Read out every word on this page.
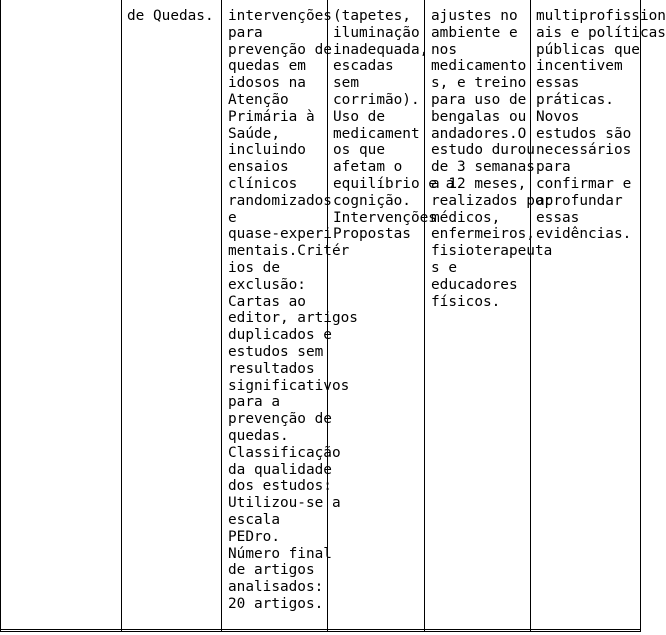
de Quedas. intervenções
para
prevenção de
quedas em
idosos na
Atenção
Primária à
Saúde,
incluindo
ensaios
clínicos
randomizados
e
quase-experi
mentais.Critér
ios de
exclusão:
Cartas ao
editor, artigos
duplicados e
estudos sem
resultados
significativos
para a
prevenção de
quedas.
Classificação
da qualidade
dos estudos:
Utilizou-se a
escala
PEDro.
Número final
de artigos
analisados:
20 artigos.
(tapetes,
iluminação
inadequada,
escadas
sem
corrimão).
Uso de
medicament
os que
afetam o
equilíbrio e a
cognição.
Intervenções
Propostas
ajustes no
ambiente e
nos
medicamento
s, e treino
para uso de
bengalas ou
andadores.O
estudo durou
de 3 semanas
a 12 meses,
realizados por
médicos,
enfermeiros,
fisioterapeuta
s e
educadores
físicos.
multiprofission
ais e políticas
públicas que
incentivem
essas
práticas.
Novos
estudos são
necessários
para
confirmar e
aprofundar
essas
evidências.
